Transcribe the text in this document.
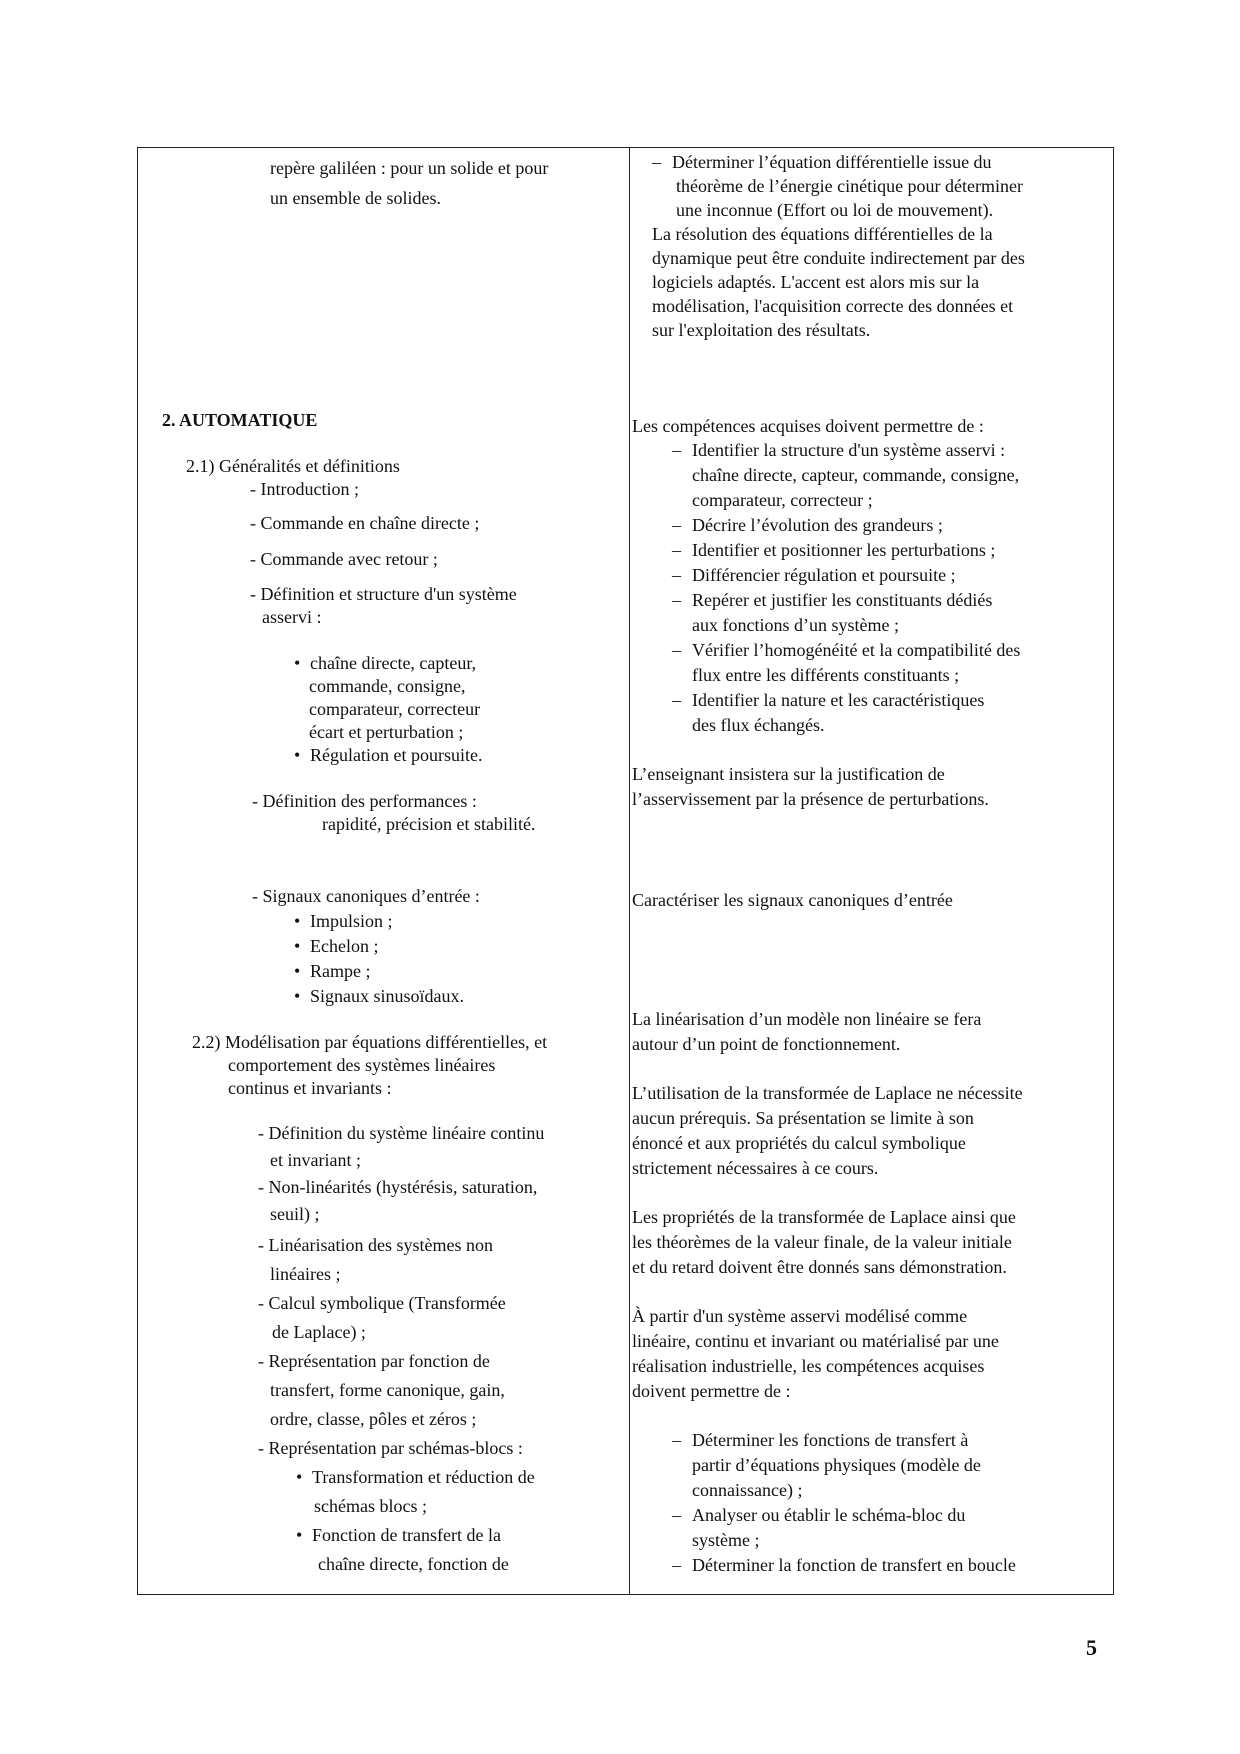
repère galiléen : pour un solide et pour
un ensemble de solides.
2. AUTOMATIQUE
2.1) Généralités et définitions
- Introduction ;
- Commande en chaîne directe ;
- Commande avec retour ;
- Définition et structure d'un système
asservi :
• chaîne directe, capteur,
commande, consigne,
comparateur, correcteur
écart et perturbation ;
• Régulation et poursuite.
- Définition des performances :
rapidité, précision et stabilité.
- Signaux canoniques d’entrée :
• Impulsion ;
• Echelon ;
• Rampe ;
• Signaux sinusoïdaux.
2.2) Modélisation par équations différentielles, et
comportement des systèmes linéaires
continus et invariants :
- Définition du système linéaire continu
et invariant ;
- Non-linéarités (hystérésis, saturation,
seuil) ;
- Linéarisation des systèmes non
linéaires ;
- Calcul symbolique (Transformée
de Laplace) ;
- Représentation par fonction de
transfert, forme canonique, gain,
ordre, classe, pôles et zéros ;
- Représentation par schémas-blocs :
• Transformation et réduction de
schémas blocs ;
• Fonction de transfert de la
chaîne directe, fonction de
– Déterminer l’équation différentielle issue du
théorème de l’énergie cinétique pour déterminer
une inconnue (Effort ou loi de mouvement).
La résolution des équations différentielles de la
dynamique peut être conduite indirectement par des
logiciels adaptés. L'accent est alors mis sur la
modélisation, l'acquisition correcte des données et
sur l'exploitation des résultats.
Les compétences acquises doivent permettre de :
– Identifier la structure d'un système asservi :
chaîne directe, capteur, commande, consigne,
comparateur, correcteur ;
– Décrire l’évolution des grandeurs ;
– Identifier et positionner les perturbations ;
– Différencier régulation et poursuite ;
– Repérer et justifier les constituants dédiés
aux fonctions d’un système ;
– Vérifier l’homogénéité et la compatibilité des
flux entre les différents constituants ;
– Identifier la nature et les caractéristiques
des flux échangés.
L’enseignant insistera sur la justification de
l’asservissement par la présence de perturbations.
Caractériser les signaux canoniques d’entrée
La linéarisation d’un modèle non linéaire se fera
autour d’un point de fonctionnement.
L’utilisation de la transformée de Laplace ne nécessite
aucun prérequis. Sa présentation se limite à son
énoncé et aux propriétés du calcul symbolique
strictement nécessaires à ce cours.
Les propriétés de la transformée de Laplace ainsi que
les théorèmes de la valeur finale, de la valeur initiale
et du retard doivent être donnés sans démonstration.
À partir d'un système asservi modélisé comme
linéaire, continu et invariant ou matérialisé par une
réalisation industrielle, les compétences acquises
doivent permettre de :
– Déterminer les fonctions de transfert à
partir d’équations physiques (modèle de
connaissance) ;
– Analyser ou établir le schéma-bloc du
système ;
– Déterminer la fonction de transfert en boucle
5
